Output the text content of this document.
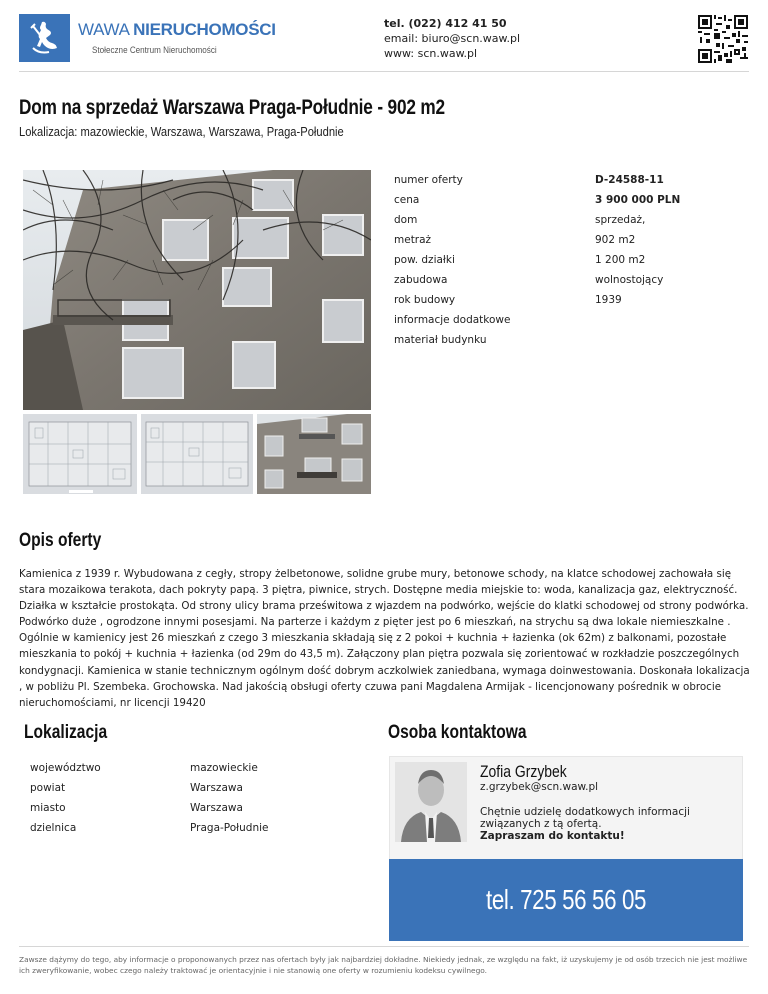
WAWA NIERUCHOMOŚCI
Stołeczne Centrum Nieruchomości
tel. (022) 412 41 50
email: biuro@scn.waw.pl
www: scn.waw.pl
Dom na sprzedaż Warszawa Praga-Południe - 902 m2
Lokalizacja: mazowieckie, Warszawa, Warszawa, Praga-Południe
numer oferty	D-24588-11
cena	3 900 000 PLN
dom	sprzedaż,
metraż	902 m2
pow. działki	1 200 m2
zabudowa	wolnostojący
rok budowy	1939
informacje dodatkowe
materiał budynku
Opis oferty

Kamienica z 1939 r. Wybudowana z cegły, stropy żelbetonowe, solidne grube mury, betonowe schody, na klatce schodowej zachowała się stara mozaikowa terakota, dach pokryty papą. 3 piętra, piwnice, strych. Dostępne media miejskie to: woda, kanalizacja gaz, elektryczność. Działka w kształcie prostokąta. Od strony ulicy brama prześwitowa z wjazdem na podwórko, wejście do klatki schodowej od strony podwórka. Podwórko duże , ogrodzone innymi posesjami. Na parterze i każdym z pięter jest po 6 mieszkań, na strychu są dwa lokale niemieszkalne . Ogólnie w kamienicy jest 26 mieszkań z czego 3 mieszkania składają się z 2 pokoi + kuchnia + łazienka (ok 62m) z balkonami, pozostałe mieszkania to pokój + kuchnia + łazienka (od 29m do 43,5 m). Załączony plan piętra pozwala się zorientować w rozkładzie poszczególnych kondygnacji. Kamienica w stanie technicznym ogólnym dość dobrym aczkolwiek zaniedbana, wymaga doinwestowania. Doskonała lokalizacja , w pobliżu Pl. Szembeka. Grochowska. Nad jakością obsługi oferty czuwa pani Magdalena Armijak - licencjonowany pośrednik w obrocie nieruchomościami, nr licencji 19420

Lokalizacja
województwo	mazowieckie
powiat	Warszawa
miasto	Warszawa
dzielnica	Praga-Południe
Osoba kontaktowa
Zofia Grzybek
z.grzybek@scn.waw.pl
Chętnie udzielę dodatkowych informacji związanych z tą ofertą.
Zapraszam do kontaktu!
tel. 725 56 56 05

Zawsze dążymy do tego, aby informacje o proponowanych przez nas ofertach były jak najbardziej dokładne. Niekiedy jednak, ze względu na fakt, iż uzyskujemy je od osób trzecich nie jest możliwe ich zweryfikowanie, wobec czego należy traktować je orientacyjnie i nie stanowią one oferty w rozumieniu kodeksu cywilnego.
